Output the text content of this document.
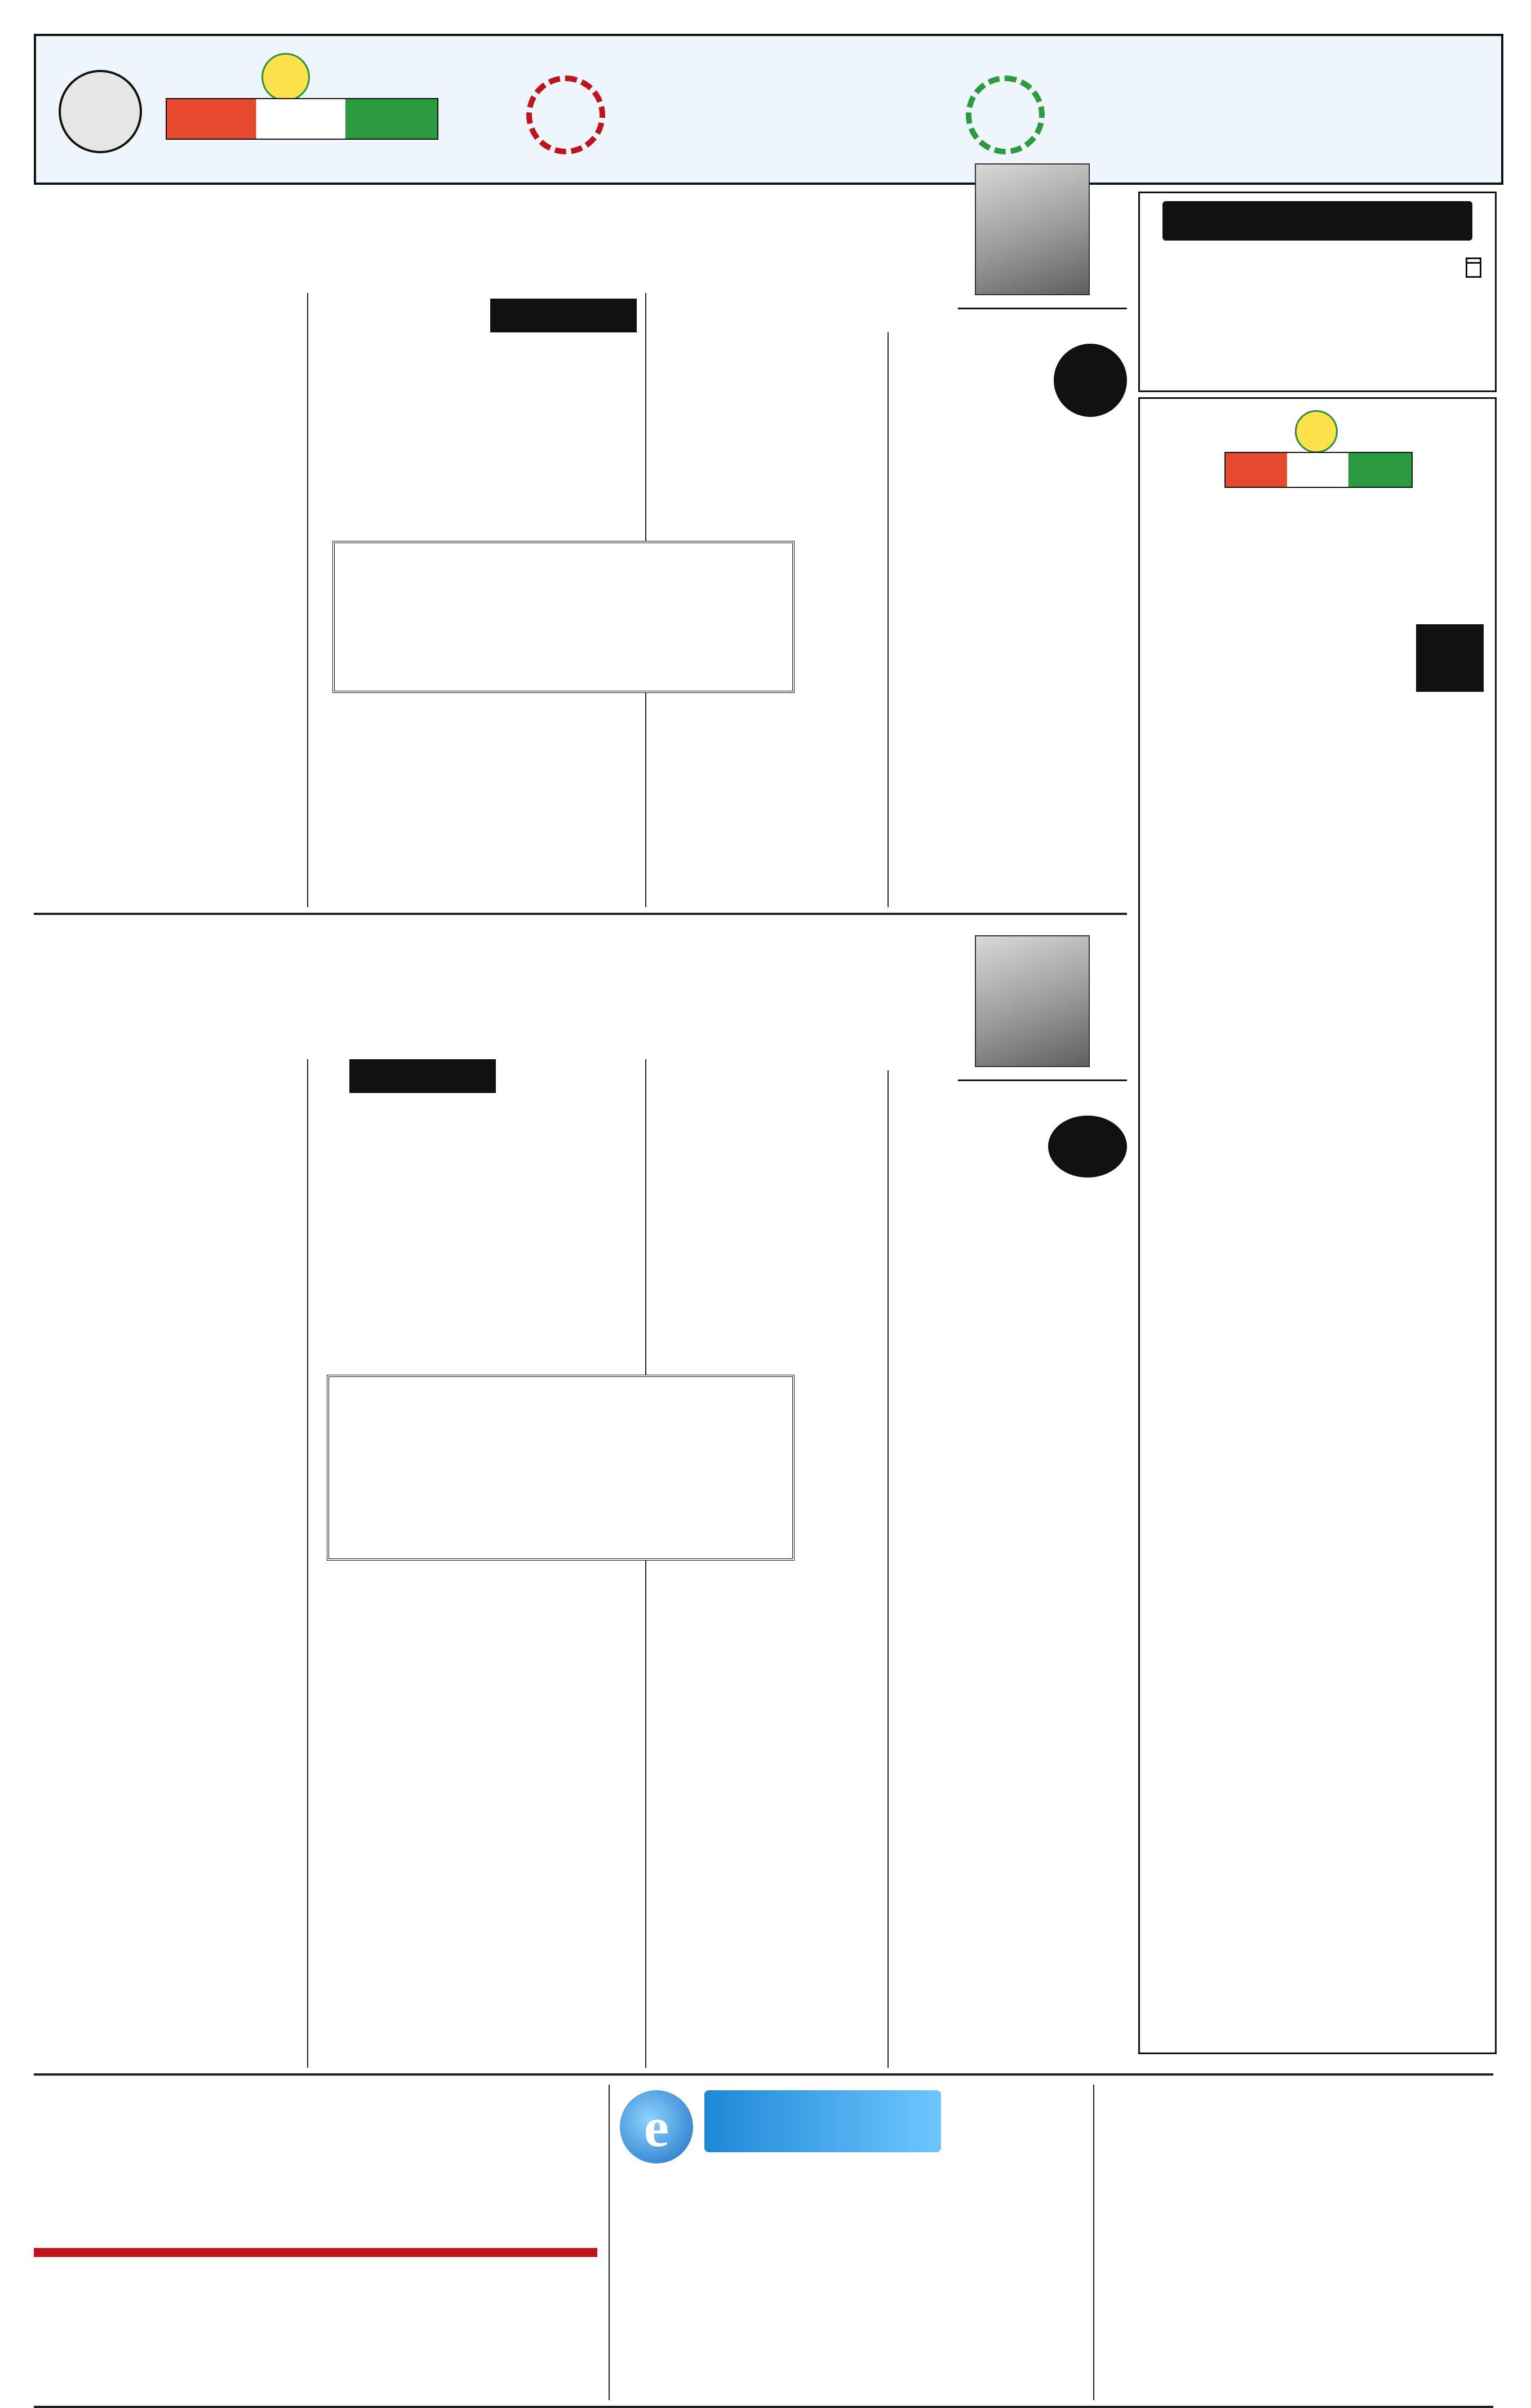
e
